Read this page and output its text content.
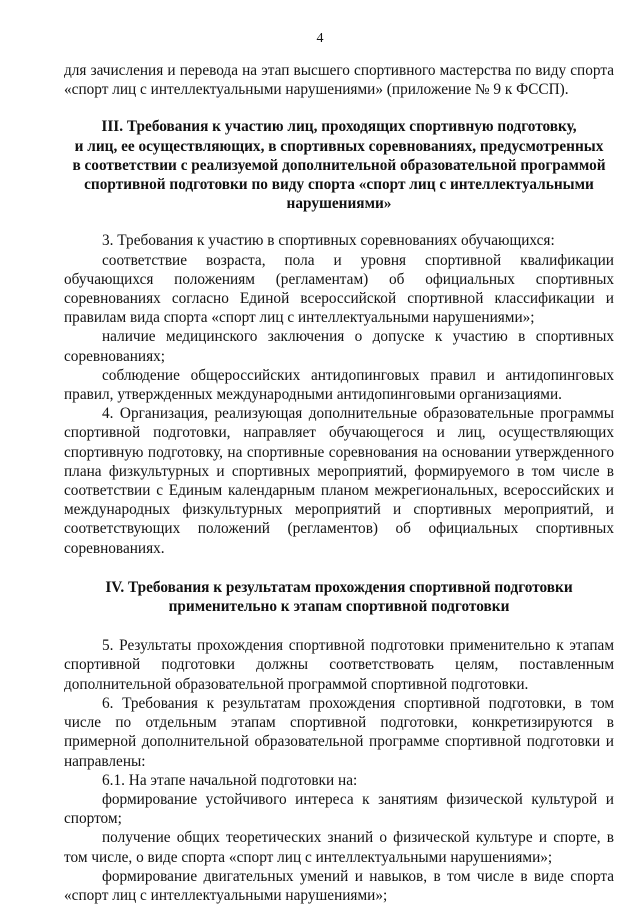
4

для зачисления и перевода на этап высшего спортивного мастерства по виду спорта «спорт лиц с интеллектуальными нарушениями» (приложение № 9 к ФССП).

III. Требования к участию лиц, проходящих спортивную подготовку,
и лиц, ее осуществляющих, в спортивных соревнованиях, предусмотренных
в соответствии с реализуемой дополнительной образовательной программой
спортивной подготовки по виду спорта «спорт лиц с интеллектуальными
нарушениями»

3. Требования к участию в спортивных соревнованиях обучающихся:

соответствие возраста, пола и уровня спортивной квалификации обучающихся положениям (регламентам) об официальных спортивных соревнованиях согласно Единой всероссийской спортивной классификации и правилам вида спорта «спорт лиц с интеллектуальными нарушениями»;

наличие медицинского заключения о допуске к участию в спортивных соревнованиях;

соблюдение общероссийских антидопинговых правил и антидопинговых правил, утвержденных международными антидопинговыми организациями.

4. Организация, реализующая дополнительные образовательные программы спортивной подготовки, направляет обучающегося и лиц, осуществляющих спортивную подготовку, на спортивные соревнования на основании утвержденного плана физкультурных и спортивных мероприятий, формируемого в том числе в соответствии с Единым календарным планом межрегиональных, всероссийских и международных физкультурных мероприятий и спортивных мероприятий, и соответствующих положений (регламентов) об официальных спортивных соревнованиях.

IV. Требования к результатам прохождения спортивной подготовки
применительно к этапам спортивной подготовки

5. Результаты прохождения спортивной подготовки применительно к этапам спортивной подготовки должны соответствовать целям, поставленным дополнительной образовательной программой спортивной подготовки.

6. Требования к результатам прохождения спортивной подготовки, в том числе по отдельным этапам спортивной подготовки, конкретизируются в примерной дополнительной образовательной программе спортивной подготовки и направлены:

6.1. На этапе начальной подготовки на:

формирование устойчивого интереса к занятиям физической культурой и спортом;

получение общих теоретических знаний о физической культуре и спорте, в том числе, о виде спорта «спорт лиц с интеллектуальными нарушениями»;

формирование двигательных умений и навыков, в том числе в виде спорта «спорт лиц с интеллектуальными нарушениями»;
